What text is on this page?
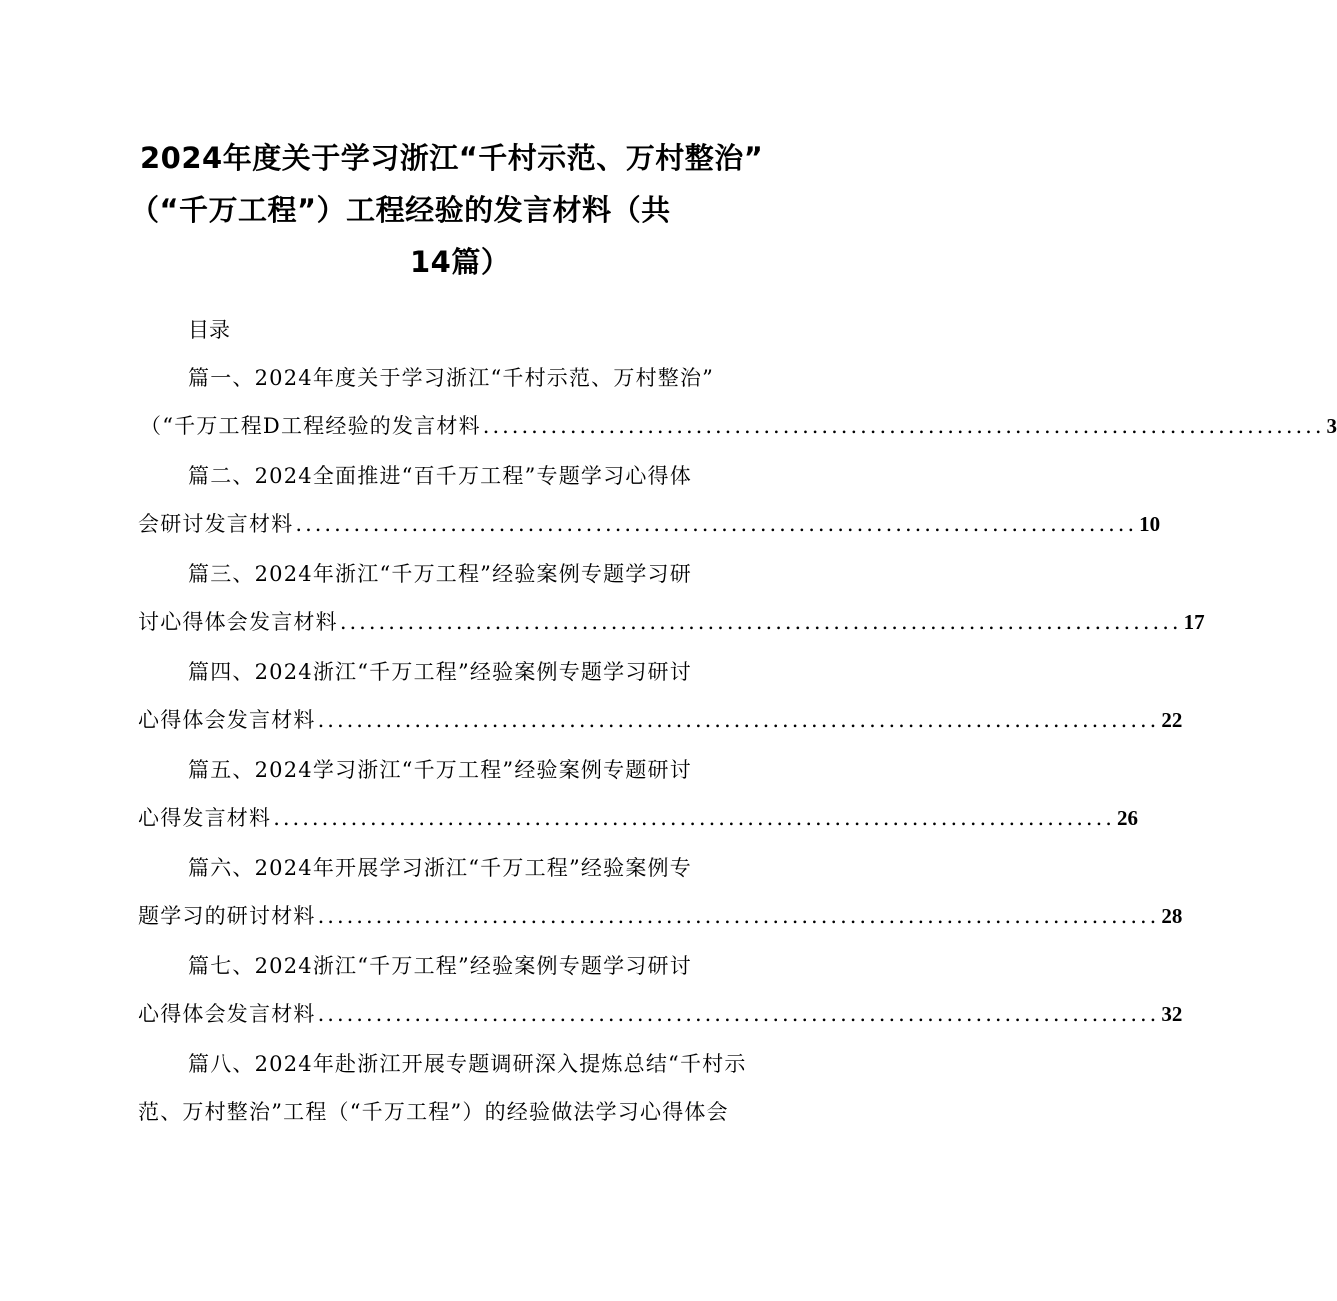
2024年度关于学习浙江“千村示范、万村整治”
（“千万工程”）工程经验的发言材料（共
14篇）
目录
篇一、2024年度关于学习浙江“千村示范、万村整治”
（“千万工程D工程经验的发言材料 ....................................................................................... 3
篇二、2024全面推进“百千万工程”专题学习心得体
会研讨发言材料 ....................................................................................... 10
篇三、2024年浙江“千万工程”经验案例专题学习研
讨心得体会发言材料 ....................................................................................... 17
篇四、2024浙江“千万工程”经验案例专题学习研讨
心得体会发言材料 ....................................................................................... 22
篇五、2024学习浙江“千万工程”经验案例专题研讨
心得发言材料 ....................................................................................... 26
篇六、2024年开展学习浙江“千万工程”经验案例专
题学习的研讨材料 ....................................................................................... 28
篇七、2024浙江“千万工程”经验案例专题学习研讨
心得体会发言材料 ....................................................................................... 32
篇八、2024年赴浙江开展专题调研深入提炼总结“千村示
范、万村整治”工程（“千万工程”）的经验做法学习心得体会
